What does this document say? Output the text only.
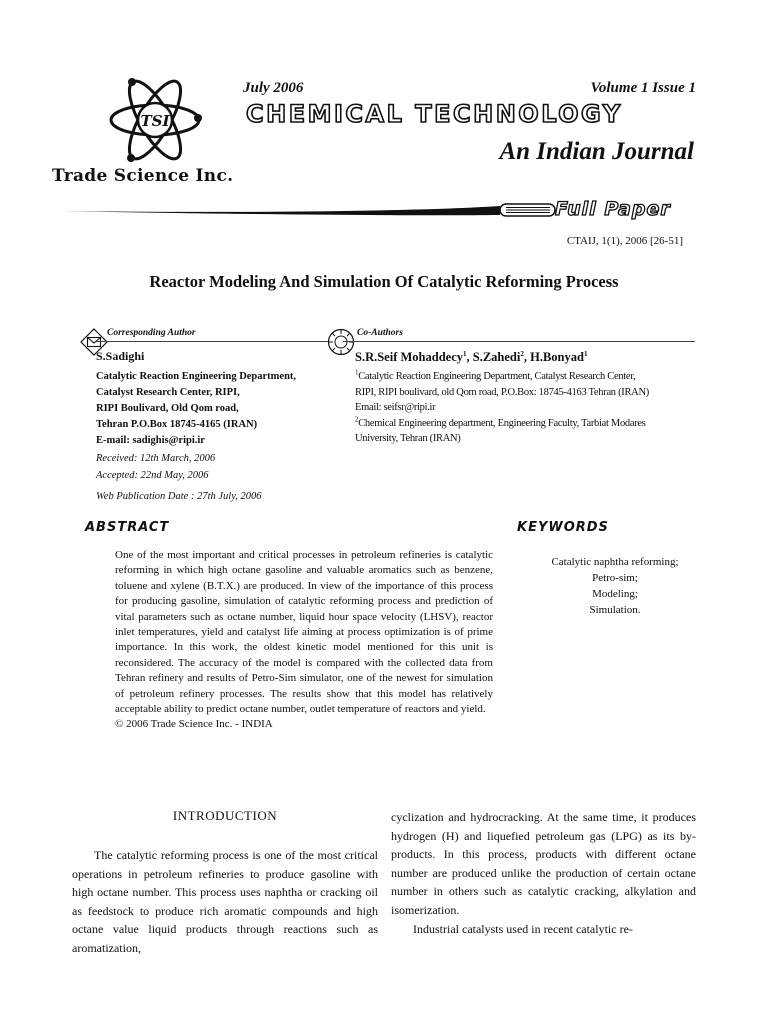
TSI
Trade Science Inc.
July 2006	Volume 1 Issue 1
CHEMICAL TECHNOLOGY
An Indian Journal
Full Paper
CTAIJ, 1(1), 2006 [26-51]
Reactor Modeling And Simulation Of Catalytic Reforming Process
Corresponding Author
S.Sadighi
Catalytic Reaction Engineering Department,
Catalyst Research Center, RIPI,
RIPI Boulivard, Old Qom road,
Tehran P.O.Box 18745-4165 (IRAN)
E-mail: sadighis@ripi.ir
Received: 12th March, 2006
Accepted: 22nd May, 2006
Web Publication Date : 27th July, 2006
Co-Authors
S.R.Seif Mohaddecy$^1$, S.Zahedi$^2$, H.Bonyad$^1$
$^1$Catalytic Reaction Engineering Department, Catalyst Research Center,
RIPI, RIPI boulivard, old Qom road, P.O.Box: 18745-4163 Tehran (IRAN)
Email: seifsr@ripi.ir
$^2$Chemical Engineering department, Engineering Faculty, Tarbiat Modares
University, Tehran (IRAN)
ABSTRACT

One of the most important and critical processes in petroleum refineries is catalytic reforming in which high octane gasoline and valuable aromatics such as benzene, toluene and xylene (B.T.X.) are produced. In view of the importance of this process for producing gasoline, simulation of catalytic reforming process and prediction of vital parameters such as octane number, liquid hour space velocity (LHSV), reactor inlet temperatures, yield and catalyst life aiming at process optimization is of prime importance. In this work, the oldest kinetic model mentioned for this unit is reconsidered. The accuracy of the model is compared with the collected data from Tehran refinery and results of Petro-Sim simulator, one of the newest for simulation of petroleum refinery processes. The results show that this model has relatively acceptable ability to predict octane number, outlet temperature of reactors and yield.

© 2006 Trade Science Inc. - INDIA

KEYWORDS
Catalytic naphtha reforming;
Petro-sim;
Modeling;
Simulation.
INTRODUCTION
The catalytic reforming process is one of the most critical operations in petroleum refineries to produce gasoline with high octane number. This process uses naphtha or cracking oil as feedstock to produce rich aromatic compounds and high octane value liquid products through reactions such as aromatization,

cyclization and hydrocracking. At the same time, it produces hydrogen (H) and liquefied petroleum gas (LPG) as its by-products. In this process, products with different octane number are produced unlike the production of certain octane number in others such as catalytic cracking, alkylation and isomerization.

Industrial catalysts used in recent catalytic re-
